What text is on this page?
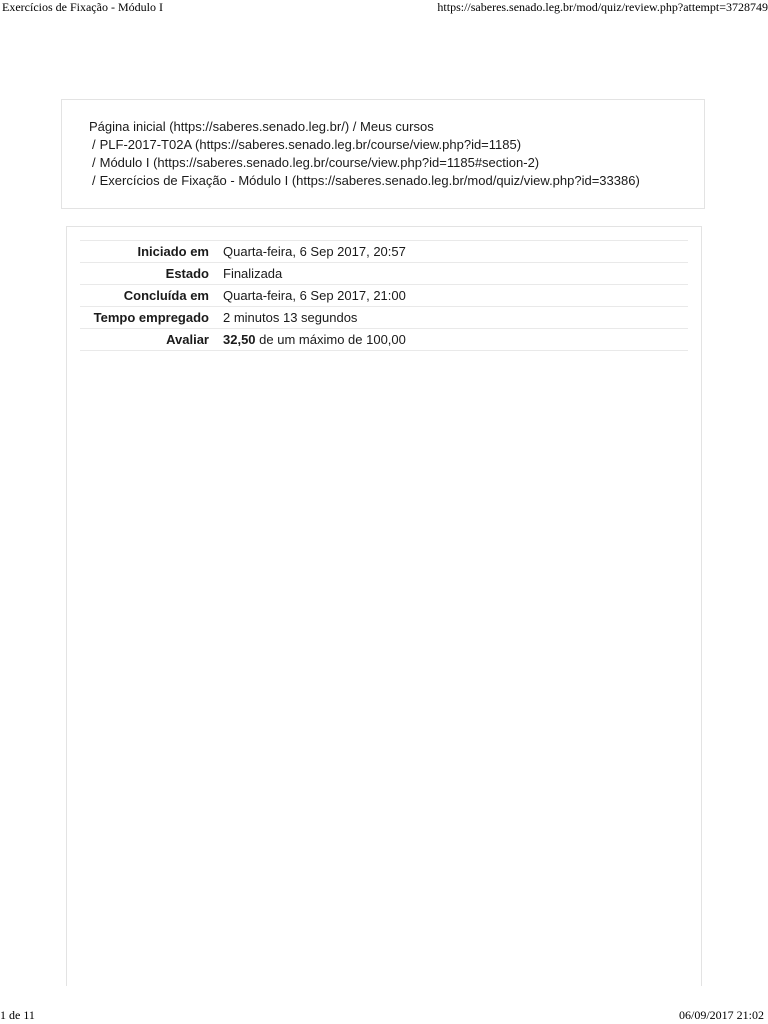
Exercícios de Fixação - Módulo I	https://saberes.senado.leg.br/mod/quiz/review.php?attempt=3728749
Página inicial (https://saberes.senado.leg.br/) / Meus cursos
/ PLF-2017-T02A (https://saberes.senado.leg.br/course/view.php?id=1185)
/ Módulo I (https://saberes.senado.leg.br/course/view.php?id=1185#section-2)
/ Exercícios de Fixação - Módulo I (https://saberes.senado.leg.br/mod/quiz/view.php?id=33386)
Iniciado em	Quarta-feira, 6 Sep 2017, 20:57
Estado	Finalizada
Concluída em	Quarta-feira, 6 Sep 2017, 21:00
Tempo empregado	2 minutos 13 segundos
Avaliar	32,50 de um máximo de 100,00
1 de 11	06/09/2017 21:02
